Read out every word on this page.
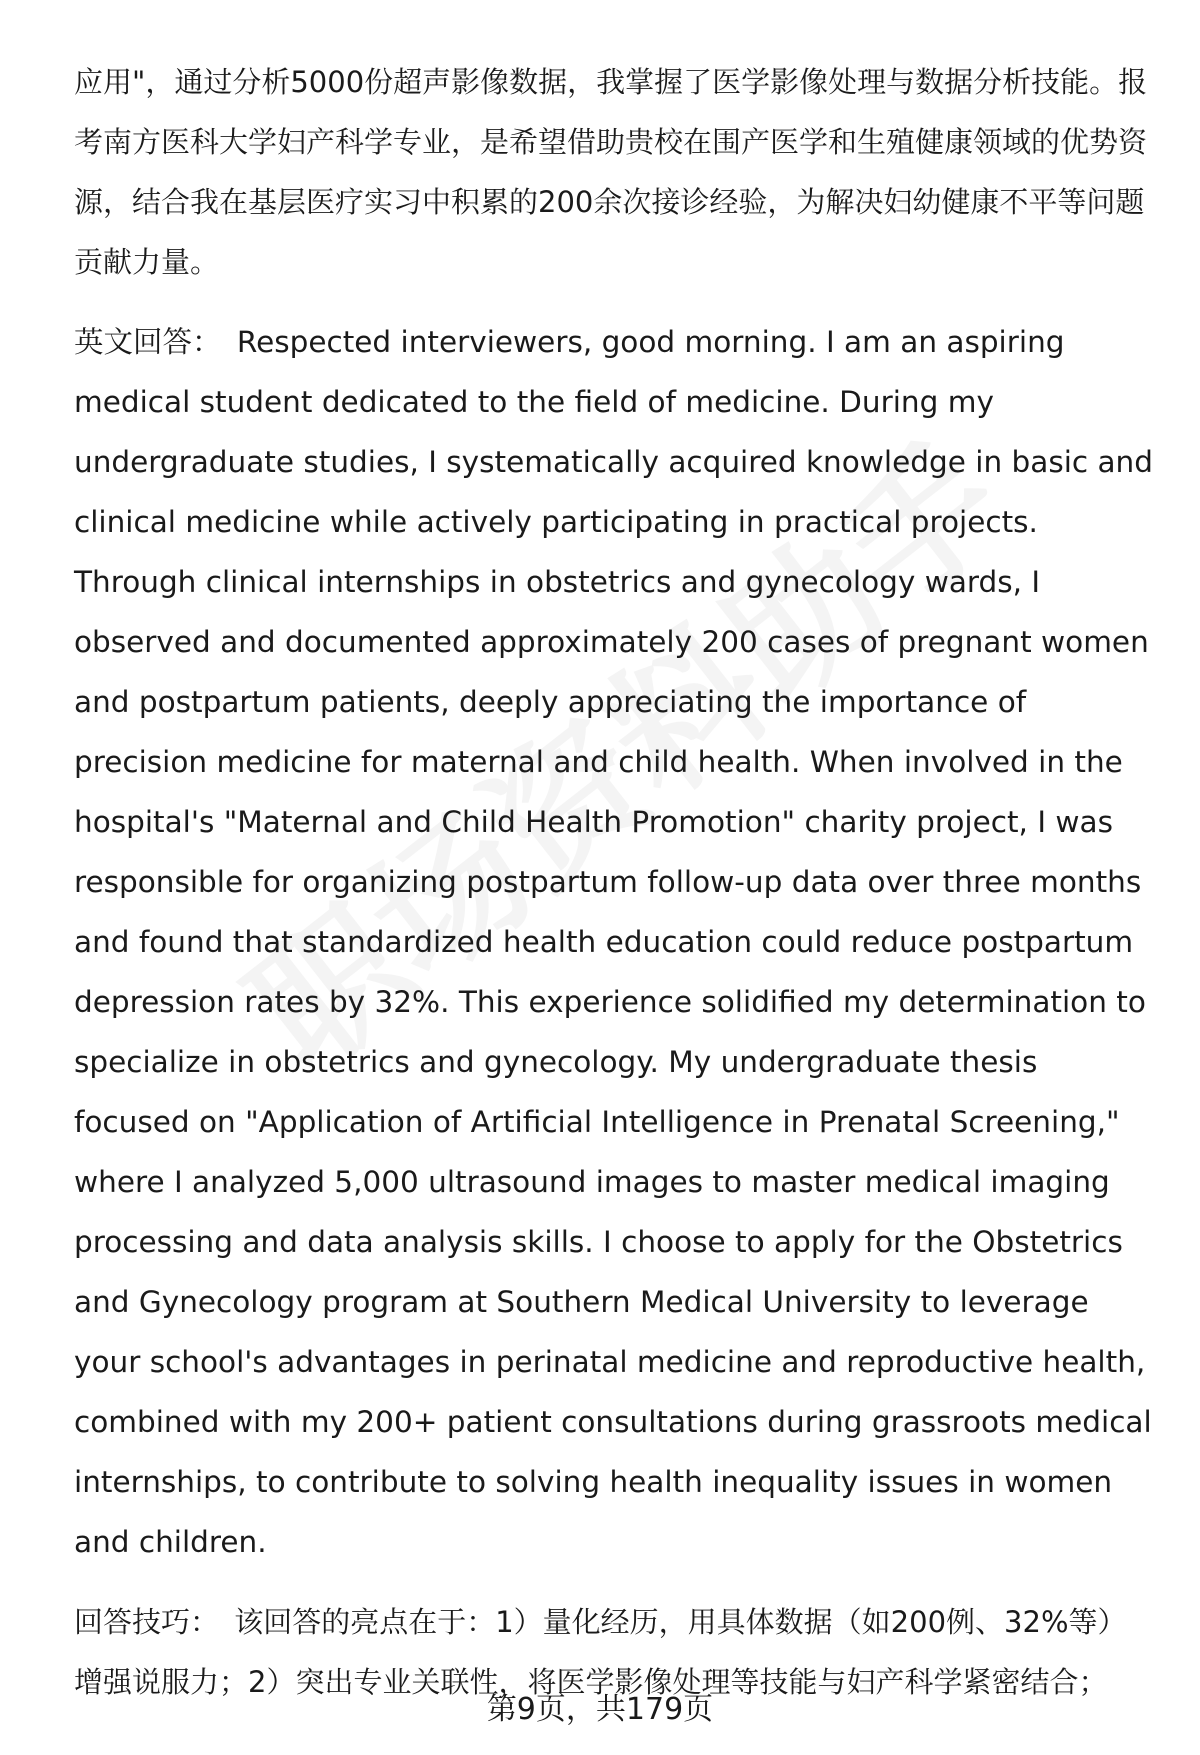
应用"，通过分析5000份超声影像数据，我掌握了医学影像处理与数据分析技能。报考南方医科大学妇产科学专业，是希望借助贵校在围产医学和生殖健康领域的优势资源，结合我在基层医疗实习中积累的200余次接诊经验，为解决妇幼健康不平等问题贡献力量。

英文回答： Respected interviewers, good morning. I am an aspiring medical student dedicated to the field of medicine. During my undergraduate studies, I systematically acquired knowledge in basic and clinical medicine while actively participating in practical projects. Through clinical internships in obstetrics and gynecology wards, I observed and documented approximately 200 cases of pregnant women and postpartum patients, deeply appreciating the importance of precision medicine for maternal and child health. When involved in the hospital's "Maternal and Child Health Promotion" charity project, I was responsible for organizing postpartum follow-up data over three months and found that standardized health education could reduce postpartum depression rates by 32%. This experience solidified my determination to specialize in obstetrics and gynecology. My undergraduate thesis focused on "Application of Artificial Intelligence in Prenatal Screening," where I analyzed 5,000 ultrasound images to master medical imaging processing and data analysis skills. I choose to apply for the Obstetrics and Gynecology program at Southern Medical University to leverage your school's advantages in perinatal medicine and reproductive health, combined with my 200+ patient consultations during grassroots medical internships, to contribute to solving health inequality issues in women and children.

回答技巧： 该回答的亮点在于：1）量化经历，用具体数据（如200例、32%等）增强说服力；2）突出专业关联性，将医学影像处理等技能与妇产科学紧密结合；

第9页，共179页
